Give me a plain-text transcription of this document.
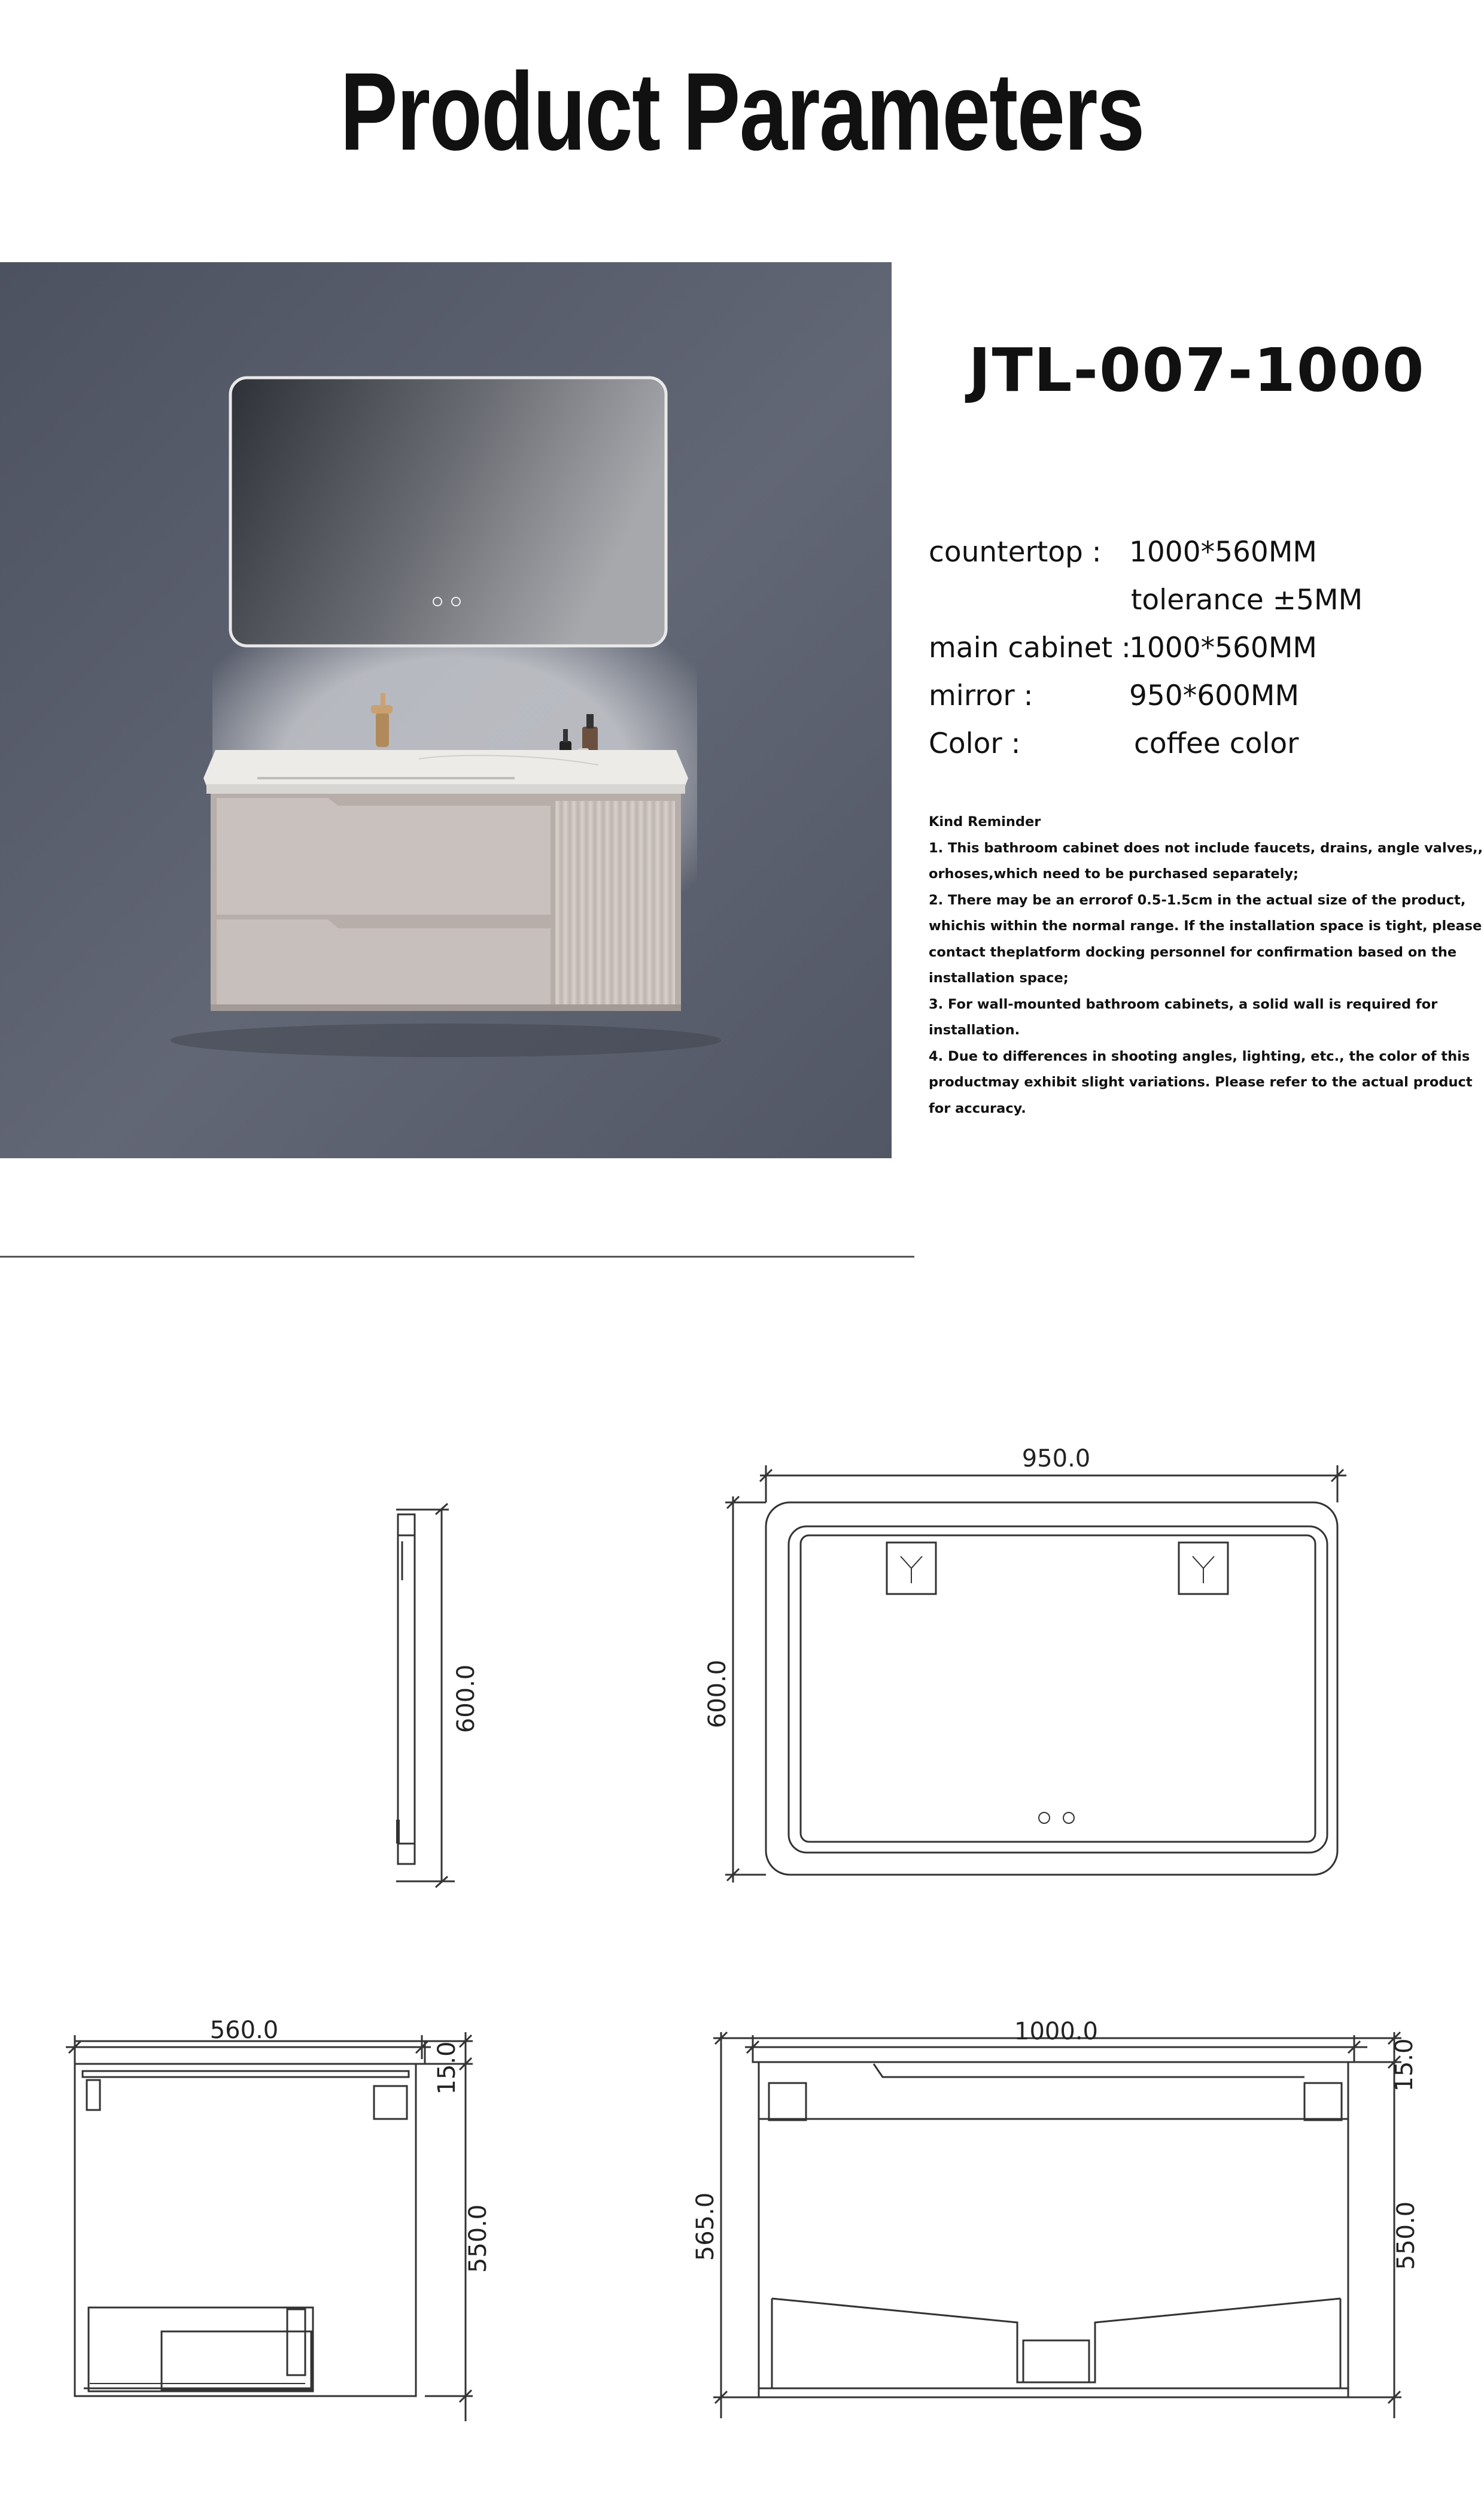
Product Parameters
JTL-007-1000
countertop : 1000*560MM
tolerance ±5MM
main cabinet :
1000*560MM
mirror :	950*600MM
Color :	coffee color
Kind Reminder
1. This bathroom cabinet does not include faucets, drains, angle valves,,
orhoses,which need to be purchased separately;
2. There may be an errorof 0.5-1.5cm in the actual size of the product,
whichis within the normal range. If the installation space is tight, please
contact theplatform docking personnel for confirmation based on the
installation space;
3. For wall-mounted bathroom cabinets, a solid wall is required for
installation.
4. Due to differences in shooting angles, lighting, etc., the color of this
productmay exhibit slight variations. Please refer to the actual product
for accuracy.
600.0
950.0
600.0
560.0
15.0
550.0
1000.0
565.0
15.0
550.0
